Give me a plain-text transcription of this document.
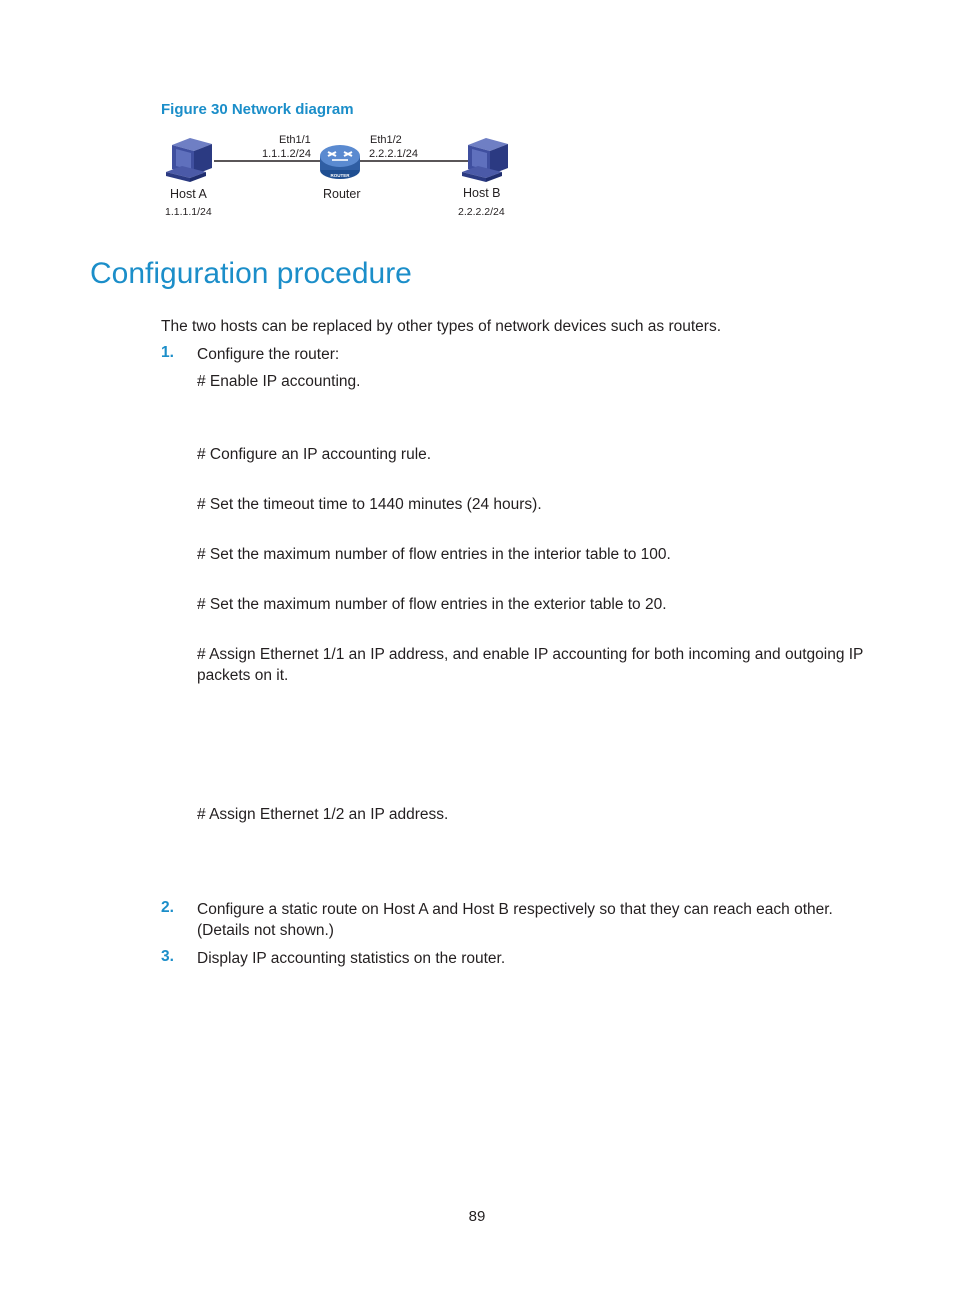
Figure 30 Network diagram
ROUTER
Eth1/1
1.1.1.2/24
Eth1/2
2.2.2.1/24
Host A
1.1.1.1/24
Router	Host B
2.2.2.2/24
Configuration procedure
The two hosts can be replaced by other types of network devices such as routers.
1. Configure the router:
# Enable IP accounting.
# Configure an IP accounting rule.
# Set the timeout time to 1440 minutes (24 hours).
# Set the maximum number of flow entries in the interior table to 100.
# Set the maximum number of flow entries in the exterior table to 20.
# Assign Ethernet 1/1 an IP address, and enable IP accounting for both incoming and outgoing IP packets on it.
# Assign Ethernet 1/2 an IP address.
2. Configure a static route on Host A and Host B respectively so that they can reach each other. (Details not shown.)
3. Display IP accounting statistics on the router.
89
